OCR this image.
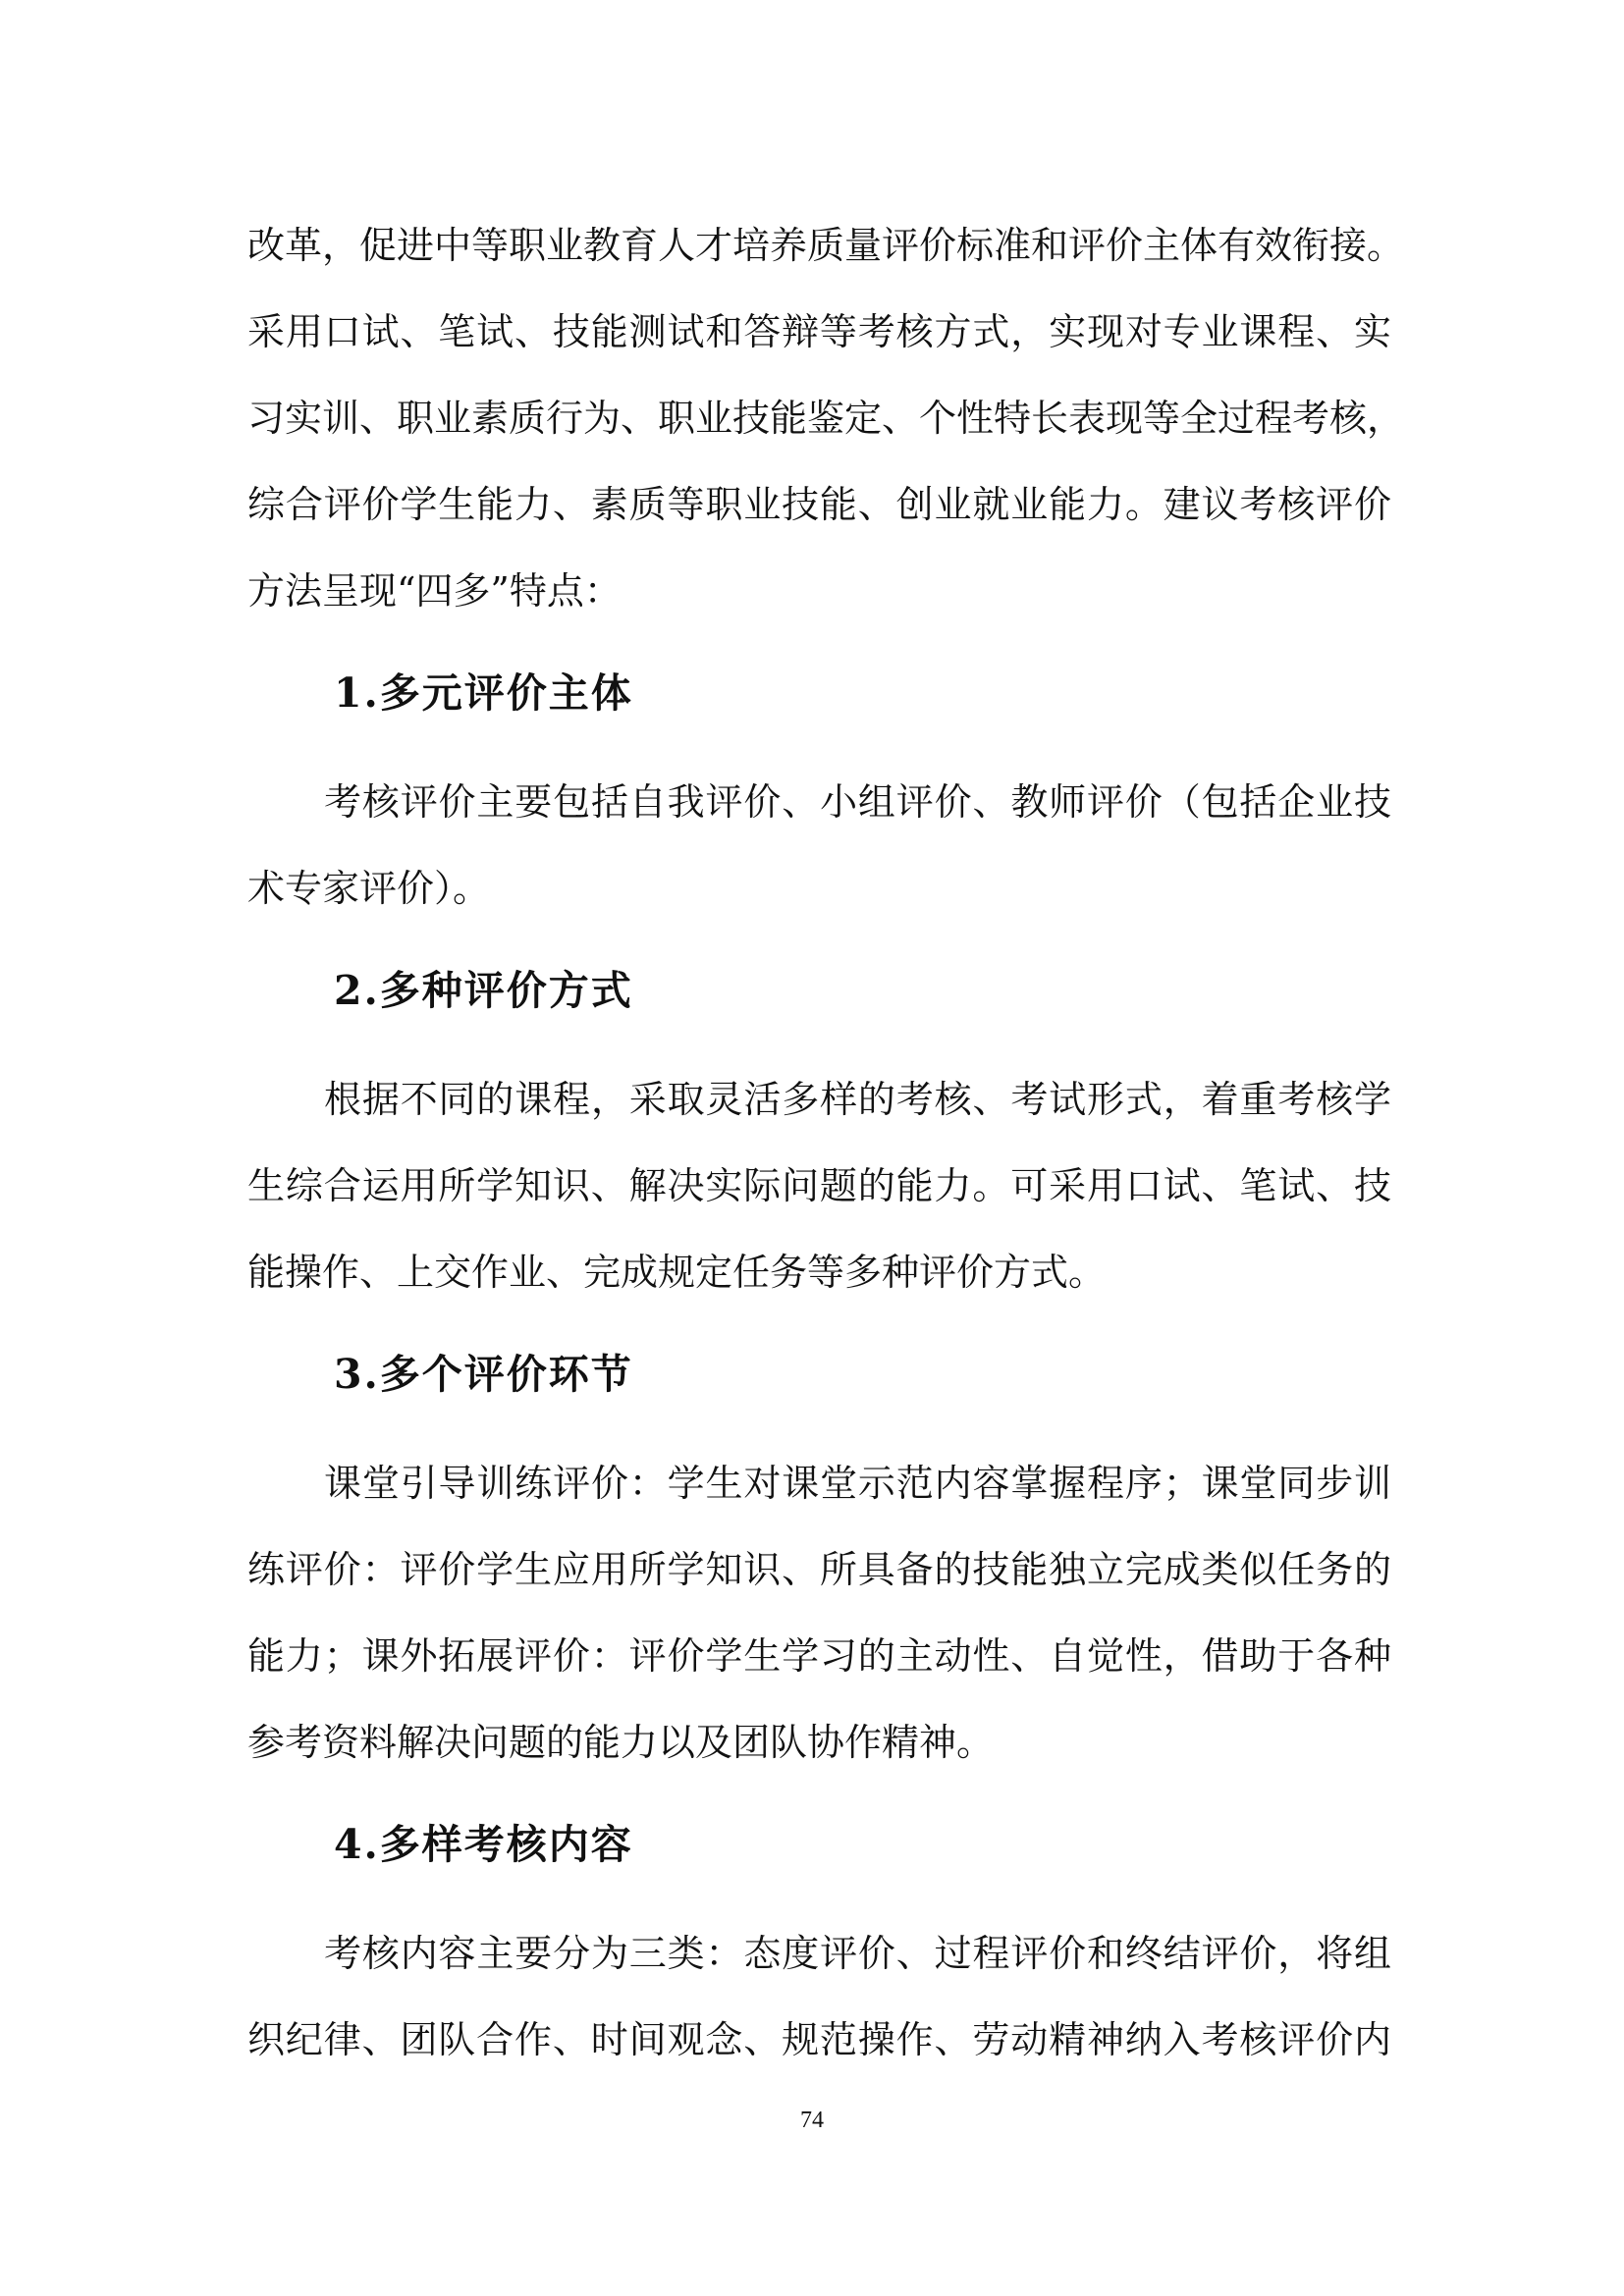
改革，促进中等职业教育人才培养质量评价标准和评价主体有效衔接。
采用口试、笔试、技能测试和答辩等考核方式，实现对专业课程、实
习实训、职业素质行为、职业技能鉴定、个性特长表现等全过程考核，
综合评价学生能力、素质等职业技能、创业就业能力。建议考核评价
方法呈现“四多”特点：
1.多元评价主体
考核评价主要包括自我评价、小组评价、教师评价（包括企业技
术专家评价）。
2.多种评价方式
根据不同的课程，采取灵活多样的考核、考试形式，着重考核学
生综合运用所学知识、解决实际问题的能力。可采用口试、笔试、技
能操作、上交作业、完成规定任务等多种评价方式。
3.多个评价环节
课堂引导训练评价：学生对课堂示范内容掌握程序；课堂同步训
练评价：评价学生应用所学知识、所具备的技能独立完成类似任务的
能力；课外拓展评价：评价学生学习的主动性、自觉性，借助于各种
参考资料解决问题的能力以及团队协作精神。
4.多样考核内容
考核内容主要分为三类：态度评价、过程评价和终结评价，将组
织纪律、团队合作、时间观念、规范操作、劳动精神纳入考核评价内
74
